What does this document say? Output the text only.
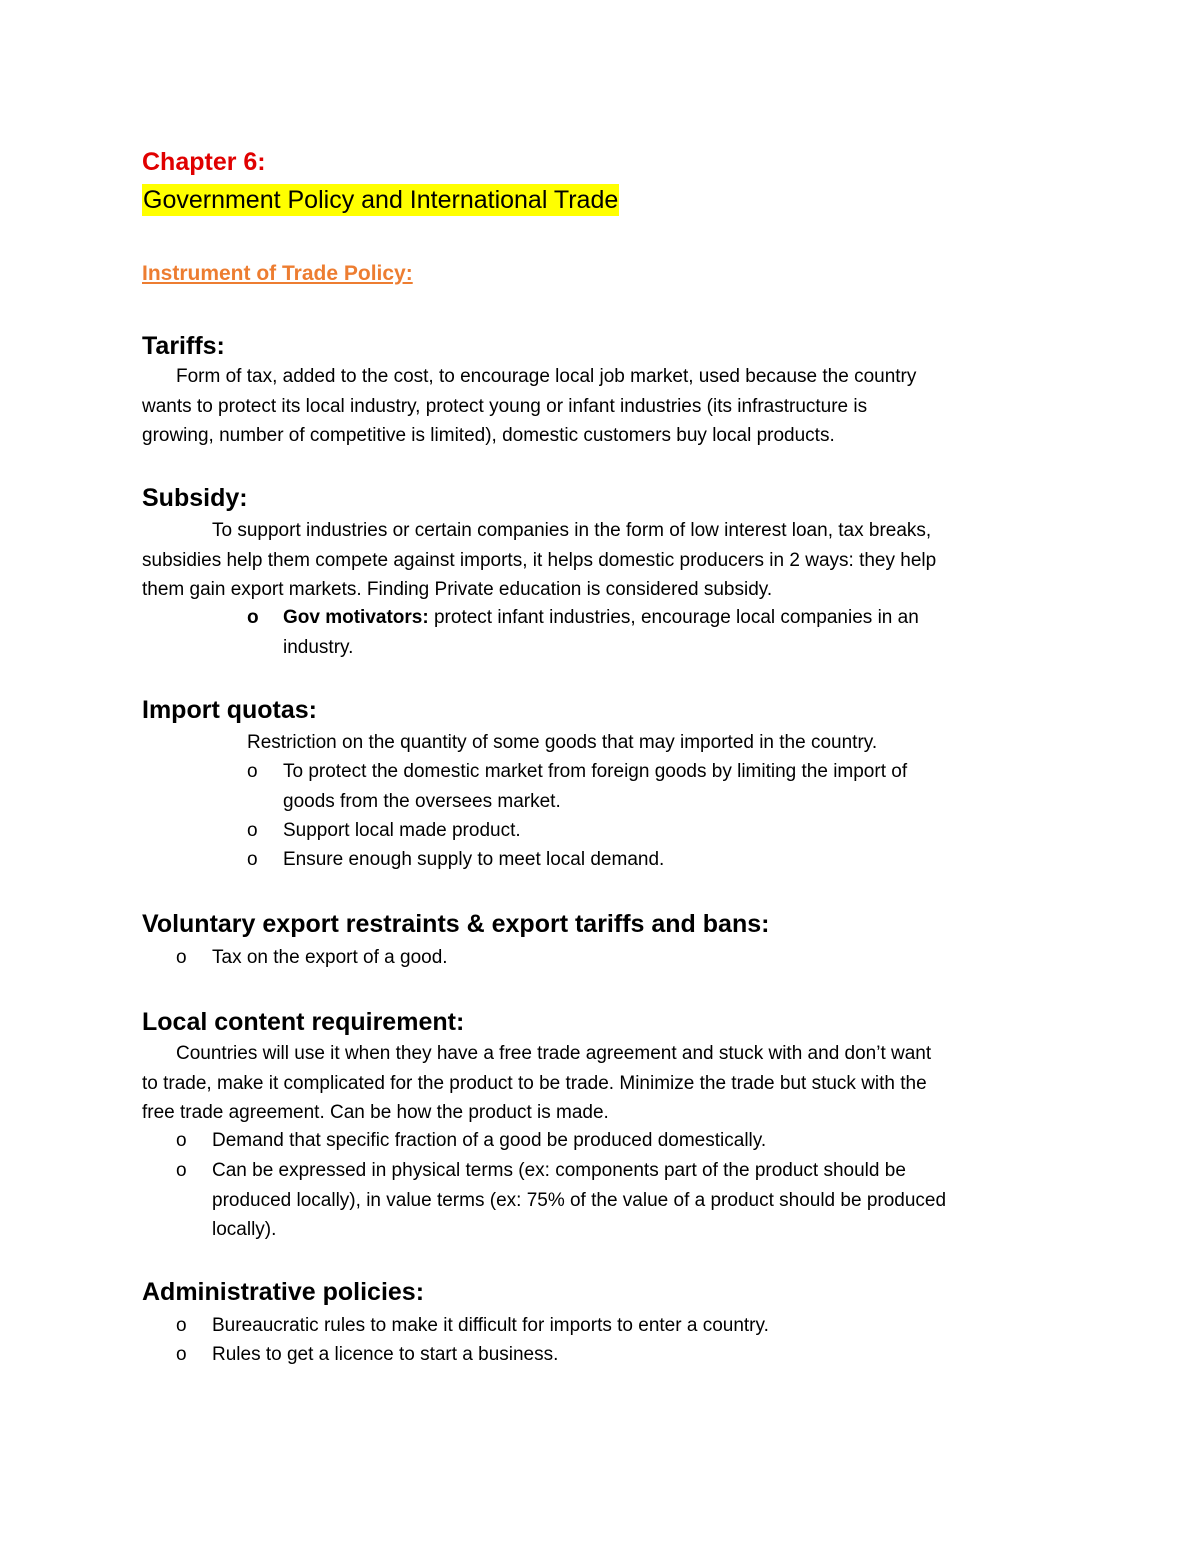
Chapter 6:
Government Policy and International Trade
Instrument of Trade Policy:
Tariffs:
Form of tax, added to the cost, to encourage local job market, used because the country
wants to protect its local industry, protect young or infant industries (its infrastructure is
growing, number of competitive is limited), domestic customers buy local products.
Subsidy:
To support industries or certain companies in the form of low interest loan, tax breaks,
subsidies help them compete against imports, it helps domestic producers in 2 ways: they help
them gain export markets. Finding Private education is considered subsidy.
o	Gov motivators: protect infant industries, encourage local companies in an
industry.
Import quotas:
Restriction on the quantity of some goods that may imported in the country.
o	To protect the domestic market from foreign goods by limiting the import of
goods from the oversees market.
o	Support local made product.
o	Ensure enough supply to meet local demand.
Voluntary export restraints & export tariffs and bans:
o	Tax on the export of a good.
Local content requirement:
Countries will use it when they have a free trade agreement and stuck with and don’t want
to trade, make it complicated for the product to be trade. Minimize the trade but stuck with the
free trade agreement. Can be how the product is made.
o	Demand that specific fraction of a good be produced domestically.
o	Can be expressed in physical terms (ex: components part of the product should be
produced locally), in value terms (ex: 75% of the value of a product should be produced
locally).
Administrative policies:
o	Bureaucratic rules to make it difficult for imports to enter a country.
o	Rules to get a licence to start a business.
